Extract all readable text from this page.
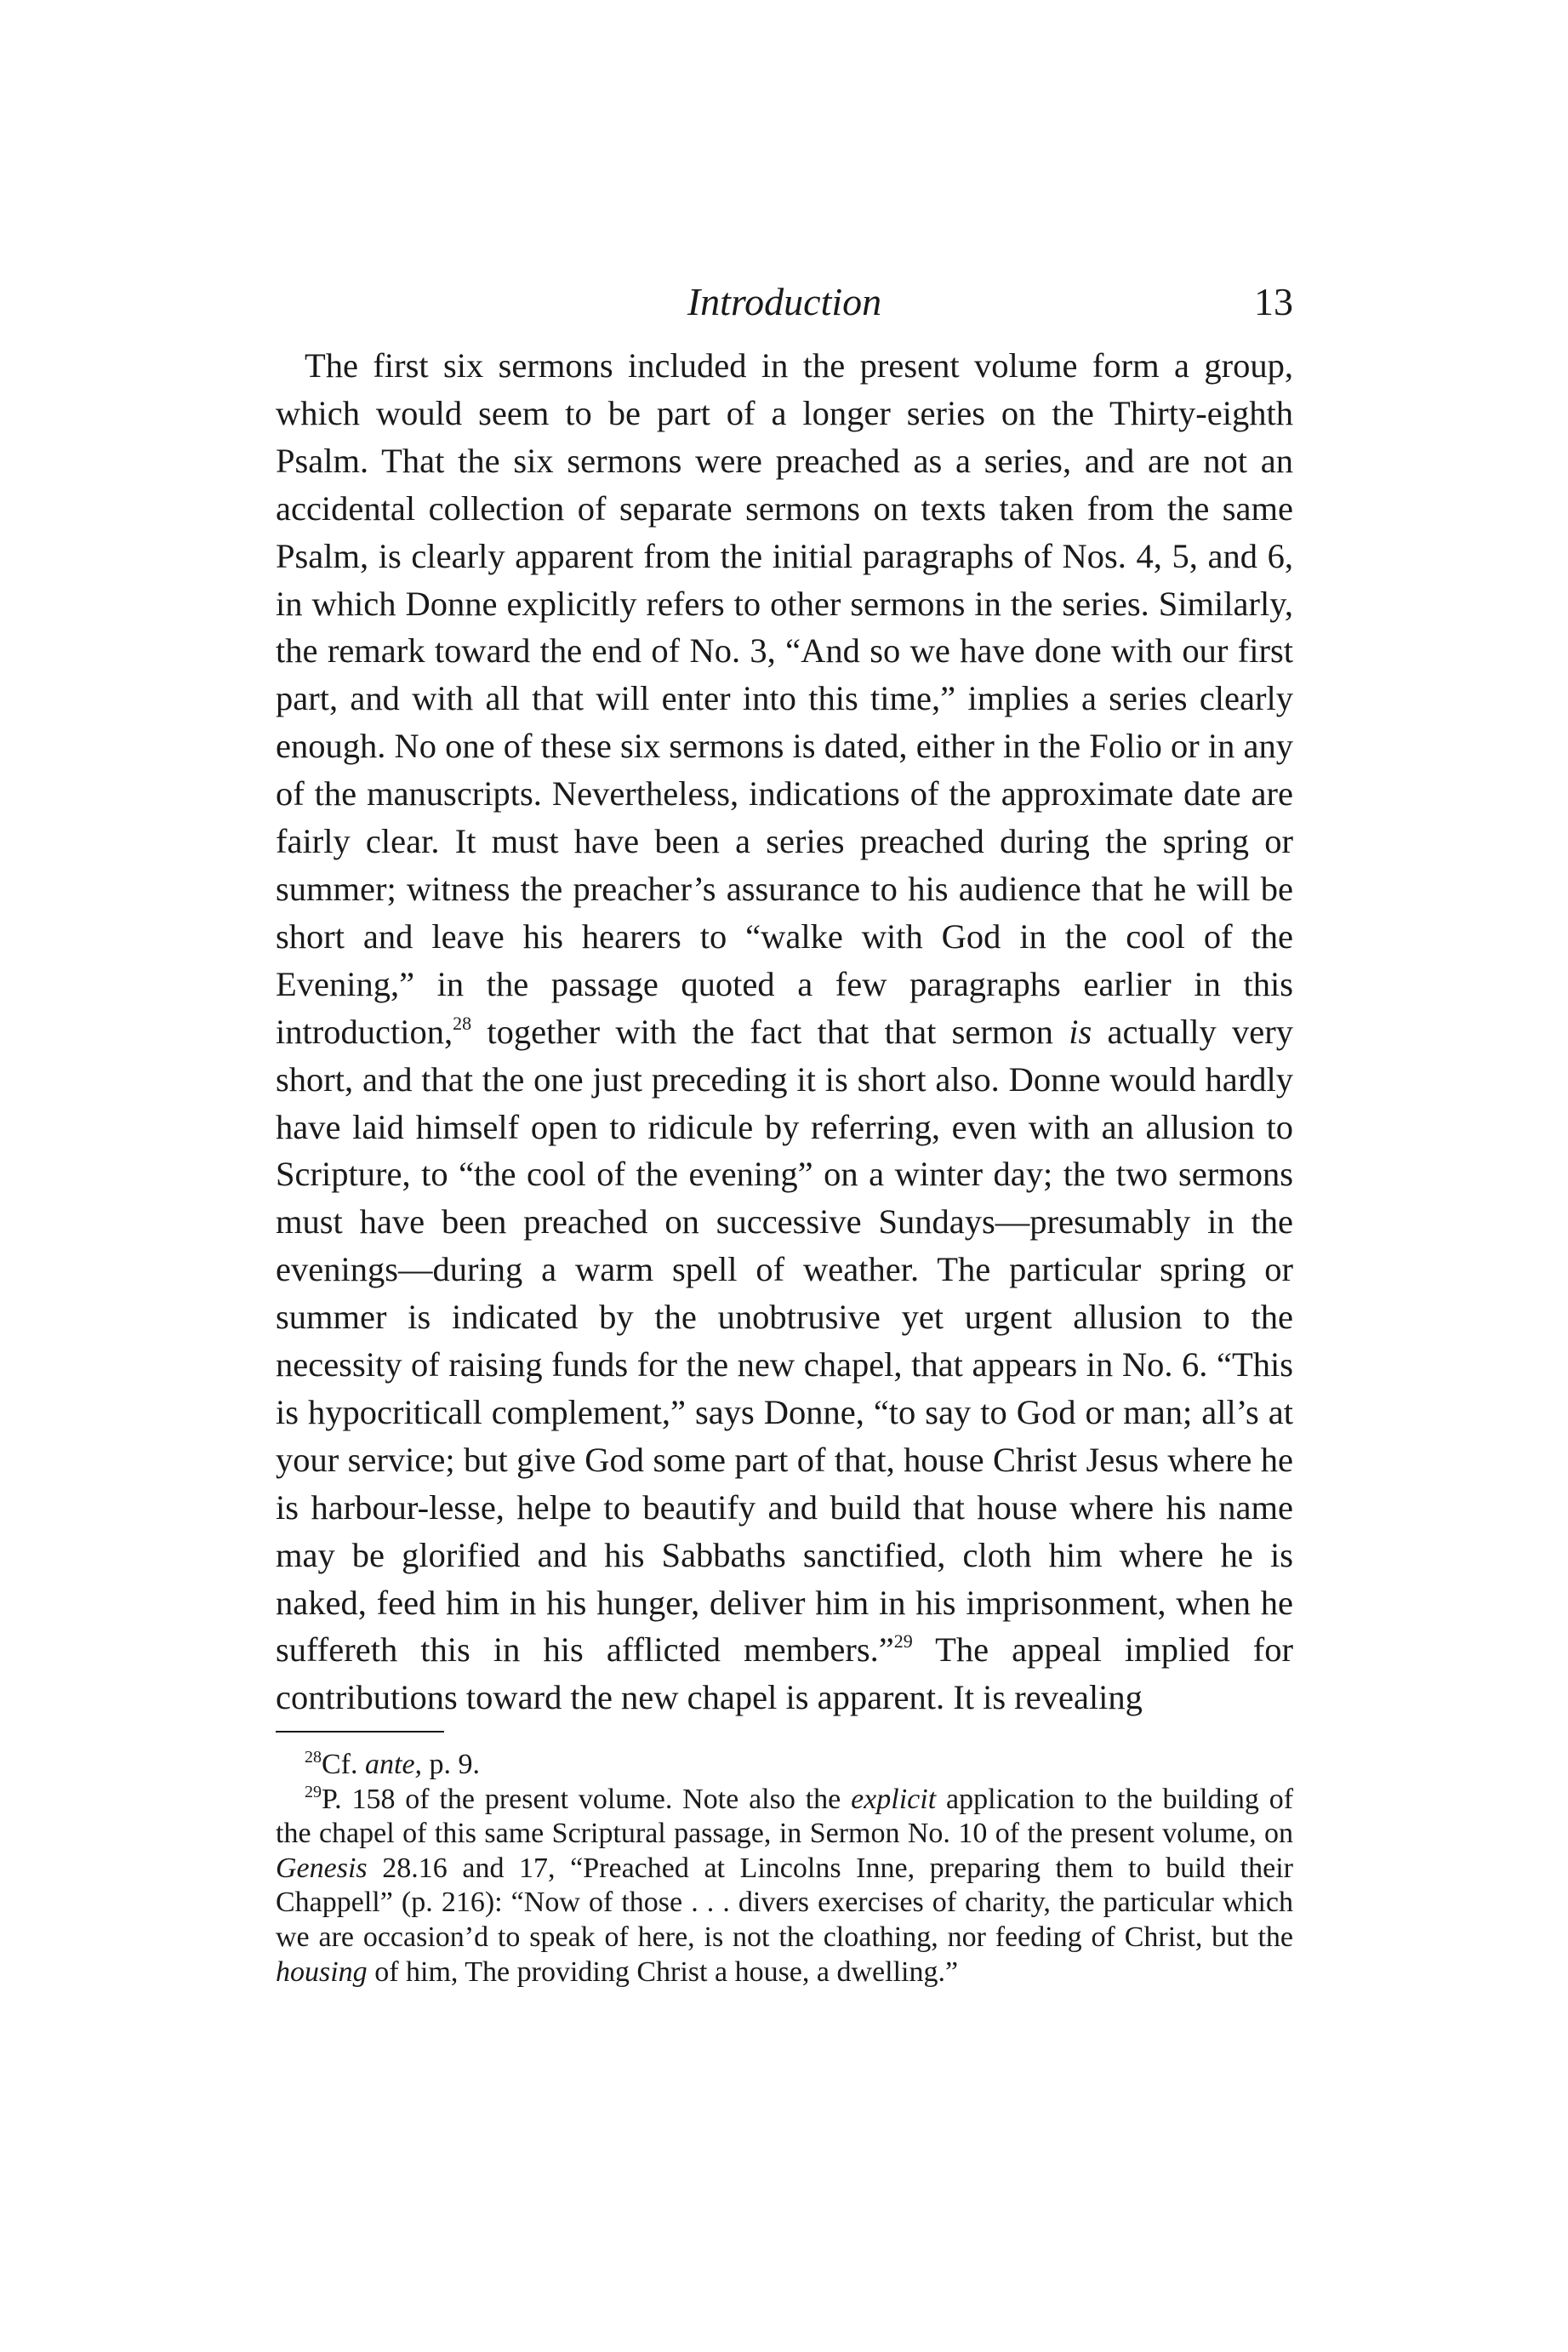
Introduction	13

The first six sermons included in the present volume form a group, which would seem to be part of a longer series on the Thirty-eighth Psalm. That the six sermons were preached as a series, and are not an accidental collection of separate sermons on texts taken from the same Psalm, is clearly apparent from the initial paragraphs of Nos. 4, 5, and 6, in which Donne explicitly refers to other sermons in the series. Similarly, the remark toward the end of No. 3, “And so we have done with our first part, and with all that will enter into this time,” implies a series clearly enough. No one of these six sermons is dated, either in the Folio or in any of the manuscripts. Nevertheless, indications of the approximate date are fairly clear. It must have been a series preached during the spring or summer; witness the preacher’s assurance to his audience that he will be short and leave his hearers to “walke with God in the cool of the Evening,” in the passage quoted a few paragraphs earlier in this introduction,$^{28}$ together with the fact that that sermon is actually very short, and that the one just preceding it is short also. Donne would hardly have laid himself open to ridicule by referring, even with an allusion to Scripture, to “the cool of the evening” on a winter day; the two sermons must have been preached on successive Sundays—presumably in the evenings—during a warm spell of weather. The particular spring or summer is indicated by the unobtrusive yet urgent allusion to the necessity of raising funds for the new chapel, that appears in No. 6. “This is hypocriticall complement,” says Donne, “to say to God or man; all’s at your service; but give God some part of that, house Christ Jesus where he is harbour-lesse, helpe to beautify and build that house where his name may be glorified and his Sabbaths sanctified, cloth him where he is naked, feed him in his hunger, deliver him in his imprisonment, when he suffereth this in his afflicted members.”$^{29}$ The appeal implied for contributions toward the new chapel is apparent. It is revealing

$^{28}$Cf. ante, p. 9.

$^{29}$P. 158 of the present volume. Note also the explicit application to the building of the chapel of this same Scriptural passage, in Sermon No. 10 of the present volume, on Genesis 28.16 and 17, “Preached at Lincolns Inne, preparing them to build their Chappell” (p. 216): “Now of those . . . divers exercises of charity, the particular which we are occasion’d to speak of here, is not the cloathing, nor feeding of Christ, but the housing of him, The providing Christ a house, a dwelling.”
